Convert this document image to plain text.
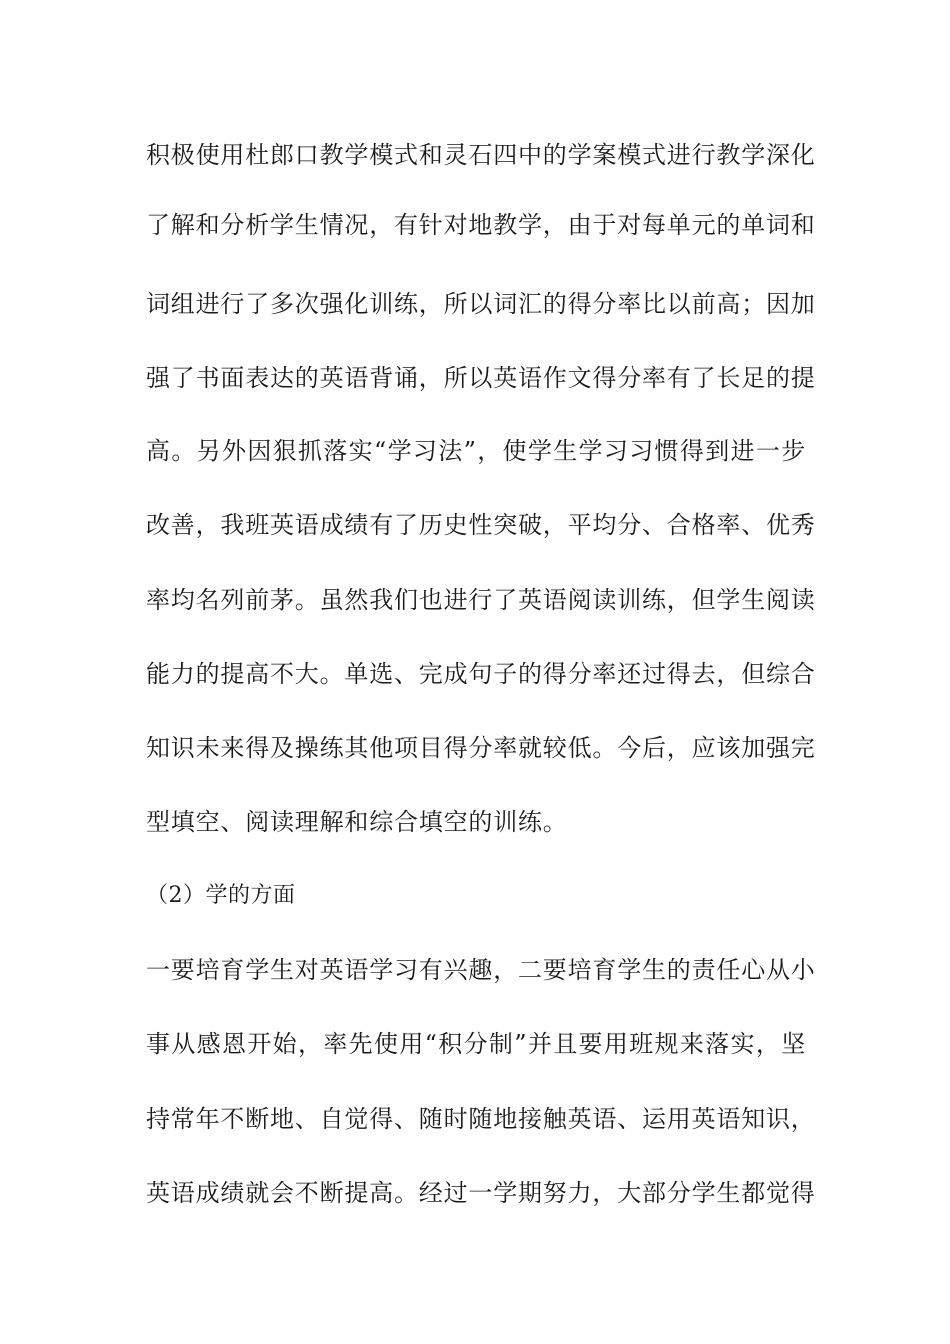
积极使用杜郎口教学模式和灵石四中的学案模式进行教学深化
了解和分析学生情况，有针对地教学，由于对每单元的单词和
词组进行了多次强化训练，所以词汇的得分率比以前高；因加
强了书面表达的英语背诵，所以英语作文得分率有了长足的提
高。另外因狠抓落实“学习法”，使学生学习习惯得到进一步
改善，我班英语成绩有了历史性突破，平均分、合格率、优秀
率均名列前茅。虽然我们也进行了英语阅读训练，但学生阅读
能力的提高不大。单选、完成句子的得分率还过得去，但综合
知识未来得及操练其他项目得分率就较低。今后，应该加强完
型填空、阅读理解和综合填空的训练。
（2）学的方面
一要培育学生对英语学习有兴趣，二要培育学生的责任心从小
事从感恩开始，率先使用“积分制”并且要用班规来落实，坚
持常年不断地、自觉得、随时随地接触英语、运用英语知识，
英语成绩就会不断提高。经过一学期努力，大部分学生都觉得
